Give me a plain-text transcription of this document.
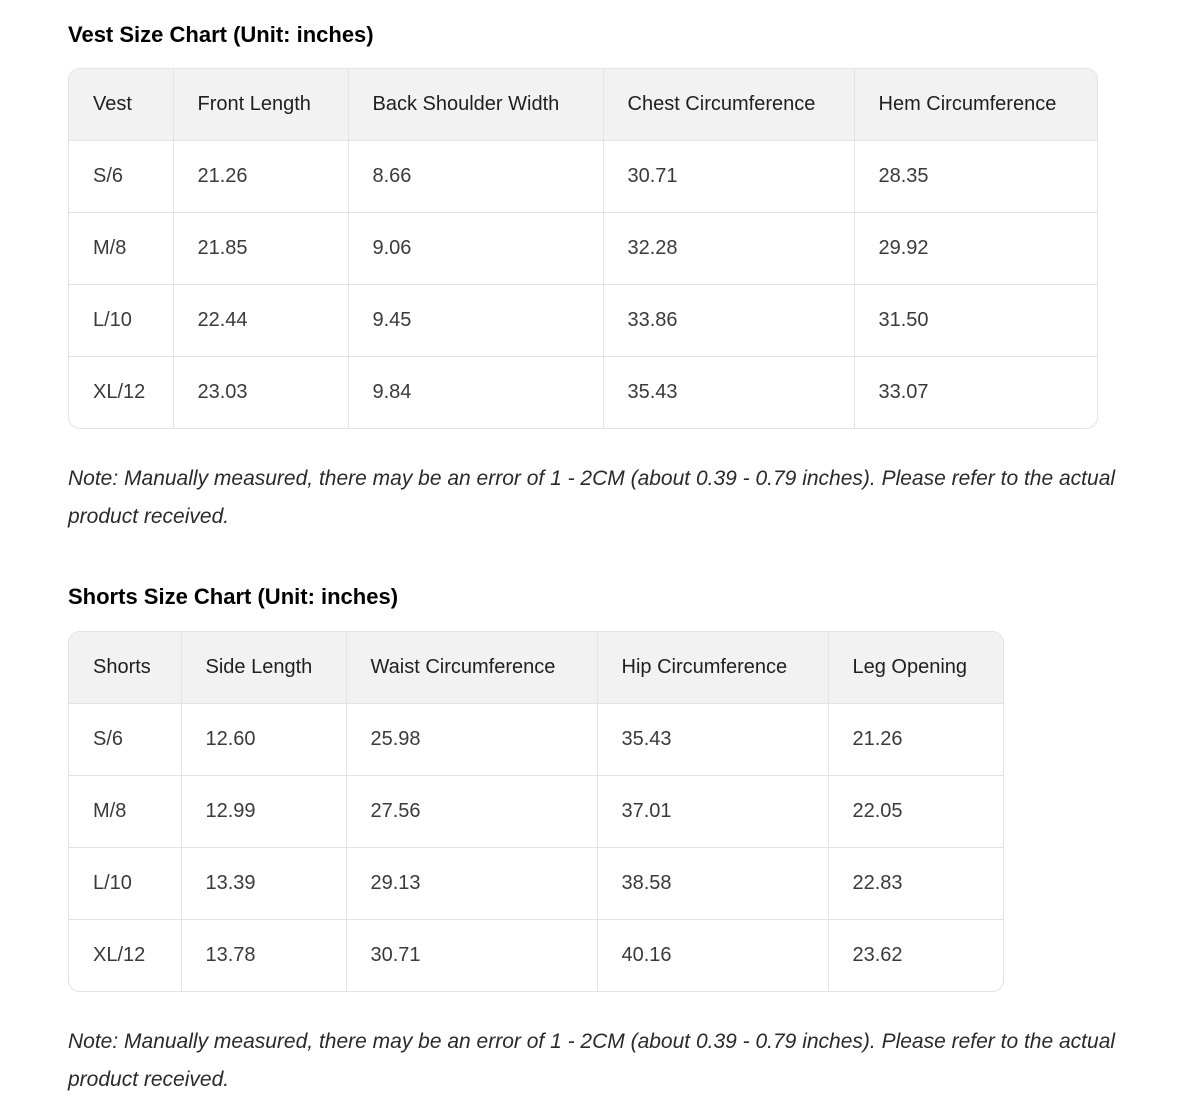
Vest Size Chart (Unit: inches)
Vest	Front Length	Back Shoulder Width	Chest Circumference	Hem Circumference
S/6	21.26	8.66	30.71	28.35
M/8	21.85	9.06	32.28	29.92
L/10	22.44	9.45	33.86	31.50
XL/12	23.03	9.84	35.43	33.07

Note: Manually measured, there may be an error of 1 - 2CM (about 0.39 - 0.79 inches). Please refer to the actual product received.

Shorts Size Chart (Unit: inches)
Shorts	Side Length	Waist Circumference	Hip Circumference	Leg Opening
S/6	12.60	25.98	35.43	21.26
M/8	12.99	27.56	37.01	22.05
L/10	13.39	29.13	38.58	22.83
XL/12	13.78	30.71	40.16	23.62

Note: Manually measured, there may be an error of 1 - 2CM (about 0.39 - 0.79 inches). Please refer to the actual product received.
